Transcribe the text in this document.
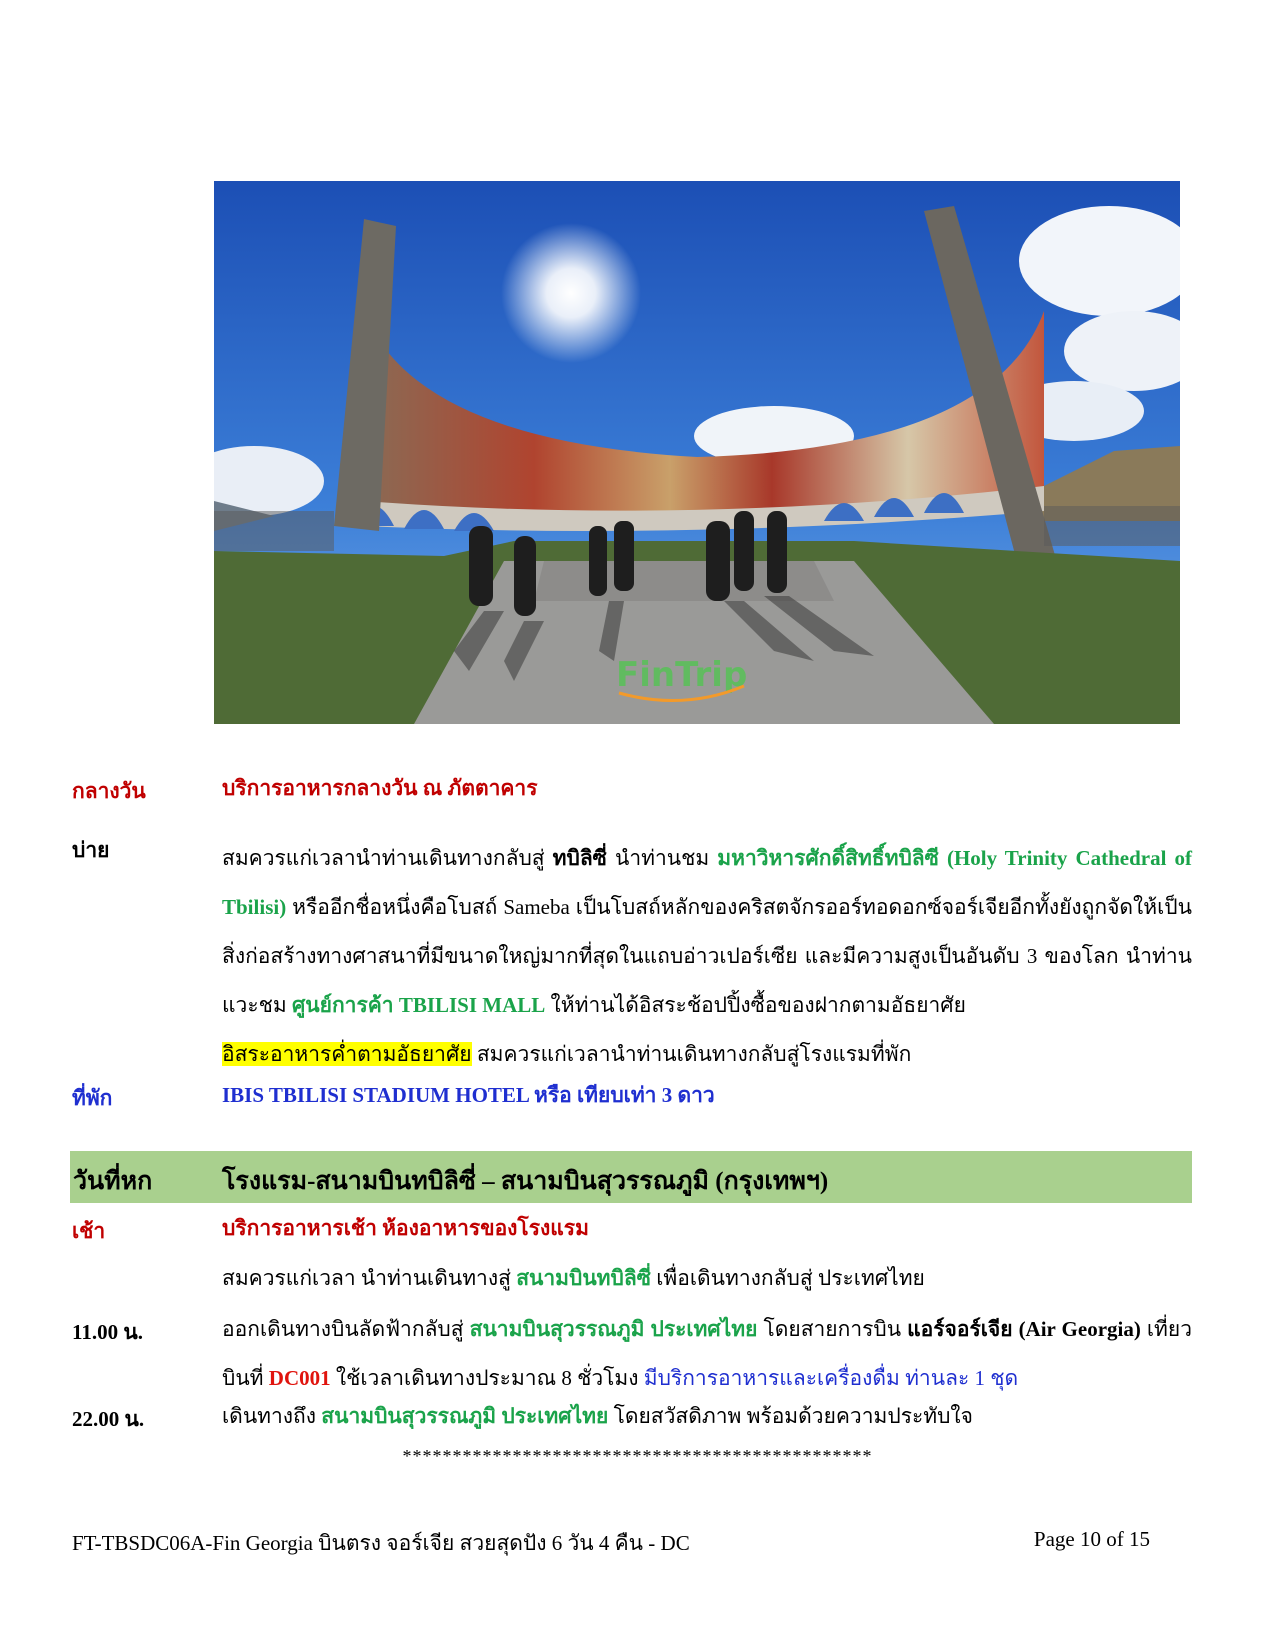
FinTrip
กลางวัน	บริการอาหารกลางวัน ณ ภัตตาคาร
บ่าย	สมควรแก่เวลานำท่านเดินทางกลับสู่ ทบิลิซี่ นำท่านชม มหาวิหารศักดิ์สิทธิ์ทบิลิซี (Holy Trinity Cathedral of Tbilisi) หรืออีกชื่อหนึ่งคือโบสถ์ Sameba เป็นโบสถ์หลักของคริสตจักรออร์ทอดอกซ์จอร์เจียอีกทั้งยังถูกจัดให้เป็นสิ่งก่อสร้างทางศาสนาที่มีขนาดใหญ่มากที่สุดในแถบอ่าวเปอร์เซีย และมีความสูงเป็นอันดับ 3 ของโลก นำท่านแวะชม ศูนย์การค้า TBILISI MALL ให้ท่านได้อิสระช้อปปิ้งซื้อของฝากตามอัธยาศัย
อิสระอาหารค่ำตามอัธยาศัย สมควรแก่เวลานำท่านเดินทางกลับสู่โรงแรมที่พัก
ที่พัก	IBIS TBILISI STADIUM HOTEL หรือ เทียบเท่า 3 ดาว
วันที่หก	โรงแรม-สนามบินทบิลิซี่ – สนามบินสุวรรณภูมิ (กรุงเทพฯ)
เช้า	บริการอาหารเช้า ห้องอาหารของโรงแรม
สมควรแก่เวลา นำท่านเดินทางสู่ สนามบินทบิลิซี่ เพื่อเดินทางกลับสู่ ประเทศไทย
11.00 น.	ออกเดินทางบินลัดฟ้ากลับสู่ สนามบินสุวรรณภูมิ ประเทศไทย โดยสายการบิน แอร์จอร์เจีย (Air Georgia) เที่ยวบินที่ DC001 ใช้เวลาเดินทางประมาณ 8 ชั่วโมง มีบริการอาหารและเครื่องดื่ม ท่านละ 1 ชุด
22.00 น.	เดินทางถึง สนามบินสุวรรณภูมิ ประเทศไทย โดยสวัสดิภาพ พร้อมด้วยความประทับใจ
***********************************************
FT-TBSDC06A-Fin Georgia บินตรง จอร์เจีย สวยสุดปัง 6 วัน 4 คืน - DC	Page 10 of 15
